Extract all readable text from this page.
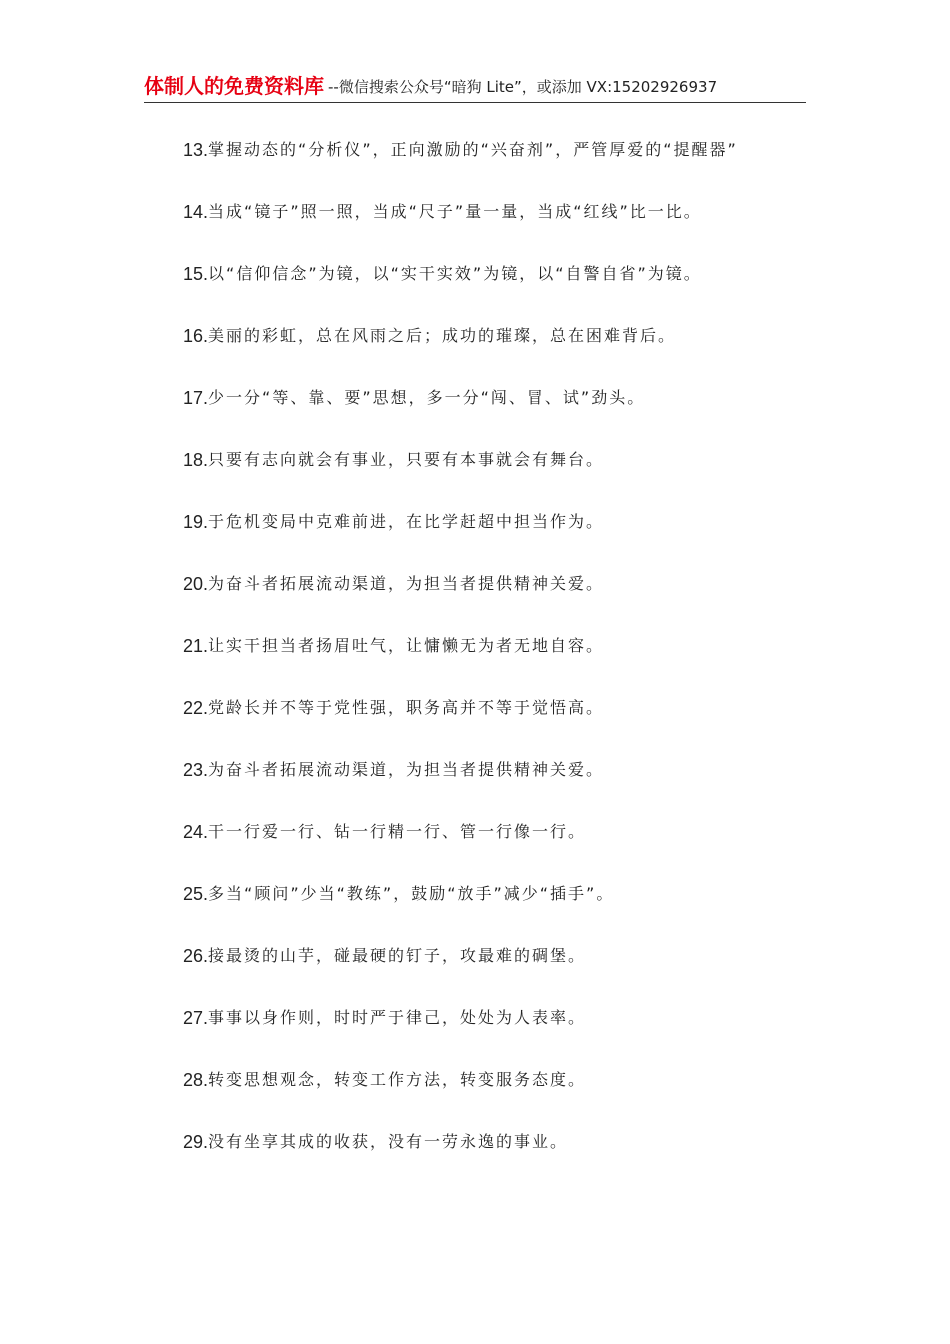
体制人的免费资料库 --微信搜索公众号“暗狗 Lite”，或添加 VX:15202926937
13. 掌握动态的“分析仪”，正向激励的“兴奋剂”，严管厚爱的“提醒器”
14. 当成“镜子”照一照，当成“尺子”量一量，当成“红线”比一比。
15. 以“信仰信念”为镜，以“实干实效”为镜，以“自警自省”为镜。
16. 美丽的彩虹，总在风雨之后；成功的璀璨，总在困难背后。
17. 少一分“等、靠、要”思想，多一分“闯、冒、试”劲头。
18. 只要有志向就会有事业，只要有本事就会有舞台。
19. 于危机变局中克难前进，在比学赶超中担当作为。
20. 为奋斗者拓展流动渠道，为担当者提供精神关爱。
21. 让实干担当者扬眉吐气，让慵懒无为者无地自容。
22. 党龄长并不等于党性强，职务高并不等于觉悟高。
23. 为奋斗者拓展流动渠道，为担当者提供精神关爱。
24. 干一行爱一行、钻一行精一行、管一行像一行。
25. 多当“顾问”少当“教练”，鼓励“放手”减少“插手”。
26. 接最烫的山芋，碰最硬的钉子，攻最难的碉堡。
27. 事事以身作则，时时严于律己，处处为人表率。
28. 转变思想观念，转变工作方法，转变服务态度。
29. 没有坐享其成的收获，没有一劳永逸的事业。
